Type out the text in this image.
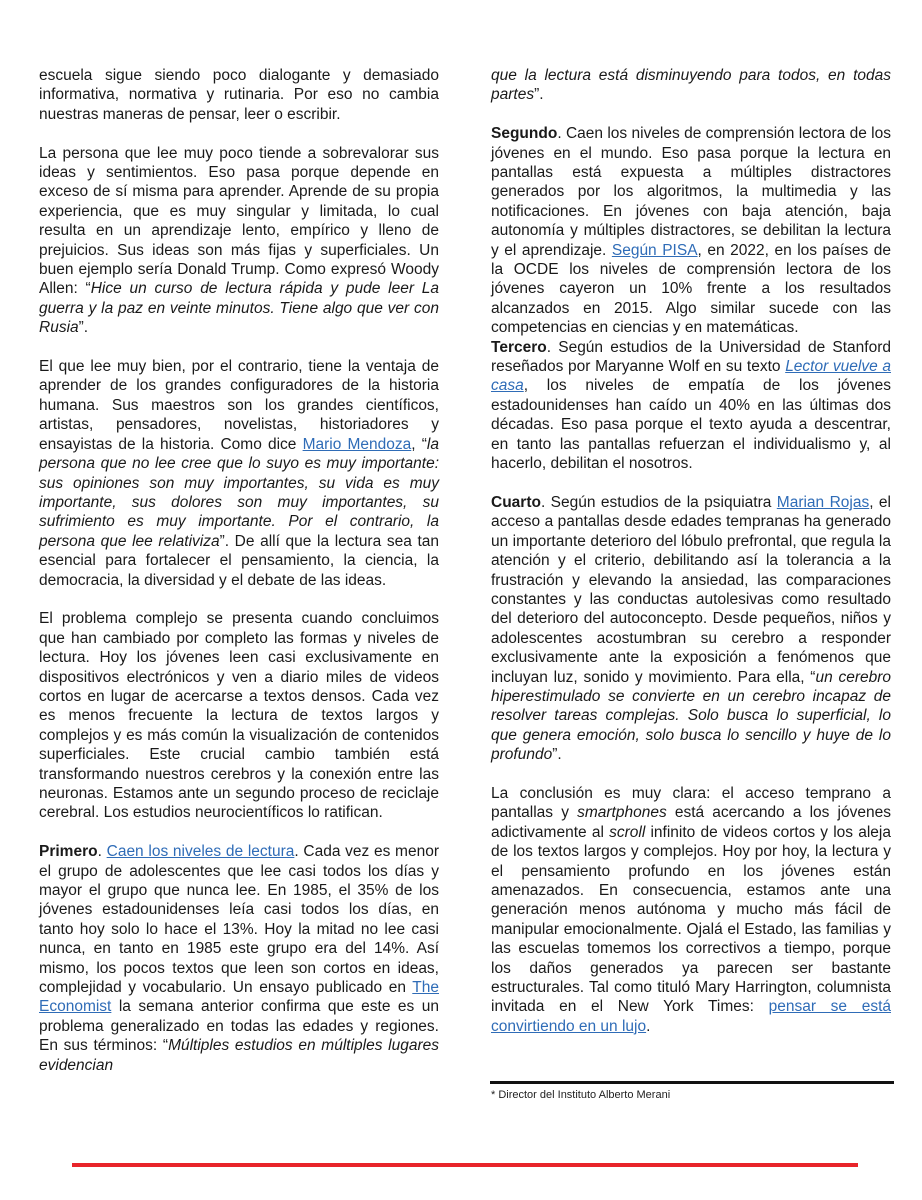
escuela sigue siendo poco dialogante y demasiado informativa, normativa y rutinaria. Por eso no cambia nuestras maneras de pensar, leer o escribir.

La persona que lee muy poco tiende a sobrevalorar sus ideas y sentimientos. Eso pasa porque depende en exceso de sí misma para aprender. Aprende de su propia experiencia, que es muy singular y limitada, lo cual resulta en un aprendizaje lento, empírico y lleno de prejuicios. Sus ideas son más fijas y superficiales. Un buen ejemplo sería Donald Trump. Como expresó Woody Allen: “Hice un curso de lectura rápida y pude leer La guerra y la paz en veinte minutos. Tiene algo que ver con Rusia”.

El que lee muy bien, por el contrario, tiene la ventaja de aprender de los grandes configuradores de la historia humana. Sus maestros son los grandes científicos, artistas, pensadores, novelistas, historiadores y ensayistas de la historia. Como dice Mario Mendoza, “la persona que no lee cree que lo suyo es muy importante: sus opiniones son muy importantes, su vida es muy importante, sus dolores son muy importantes, su sufrimiento es muy importante. Por el contrario, la persona que lee relativiza”. De allí que la lectura sea tan esencial para fortalecer el pensamiento, la ciencia, la democracia, la diversidad y el debate de las ideas.

El problema complejo se presenta cuando concluimos que han cambiado por completo las formas y niveles de lectura. Hoy los jóvenes leen casi exclusivamente en dispositivos electrónicos y ven a diario miles de videos cortos en lugar de acercarse a textos densos. Cada vez es menos frecuente la lectura de textos largos y complejos y es más común la visualización de contenidos superficiales. Este crucial cambio también está transformando nuestros cerebros y la conexión entre las neuronas. Estamos ante un segundo proceso de reciclaje cerebral. Los estudios neurocientíficos lo ratifican.

Primero. Caen los niveles de lectura. Cada vez es menor el grupo de adolescentes que lee casi todos los días y mayor el grupo que nunca lee. En 1985, el 35% de los jóvenes estadounidenses leía casi todos los días, en tanto hoy solo lo hace el 13%. Hoy la mitad no lee casi nunca, en tanto en 1985 este grupo era del 14%. Así mismo, los pocos textos que leen son cortos en ideas, complejidad y vocabulario. Un ensayo publicado en The Economist la semana anterior confirma que este es un problema generalizado en todas las edades y regiones. En sus términos: “Múltiples estudios en múltiples lugares evidencian

que la lectura está disminuyendo para todos, en todas partes”.

Segundo. Caen los niveles de comprensión lectora de los jóvenes en el mundo. Eso pasa porque la lectura en pantallas está expuesta a múltiples distractores generados por los algoritmos, la multimedia y las notificaciones. En jóvenes con baja atención, baja autonomía y múltiples distractores, se debilitan la lectura y el aprendizaje. Según PISA, en 2022, en los países de la OCDE los niveles de comprensión lectora de los jóvenes cayeron un 10% frente a los resultados alcanzados en 2015. Algo similar sucede con las competencias en ciencias y en matemáticas.

Tercero. Según estudios de la Universidad de Stanford reseñados por Maryanne Wolf en su texto Lector vuelve a casa, los niveles de empatía de los jóvenes estadounidenses han caído un 40% en las últimas dos décadas. Eso pasa porque el texto ayuda a descentrar, en tanto las pantallas refuerzan el individualismo y, al hacerlo, debilitan el nosotros.

Cuarto. Según estudios de la psiquiatra Marian Rojas, el acceso a pantallas desde edades tempranas ha generado un importante deterioro del lóbulo prefrontal, que regula la atención y el criterio, debilitando así la tolerancia a la frustración y elevando la ansiedad, las comparaciones constantes y las conductas autolesivas como resultado del deterioro del autoconcepto. Desde pequeños, niños y adolescentes acostumbran su cerebro a responder exclusivamente ante la exposición a fenómenos que incluyan luz, sonido y movimiento. Para ella, “un cerebro hiperestimulado se convierte en un cerebro incapaz de resolver tareas complejas. Solo busca lo superficial, lo que genera emoción, solo busca lo sencillo y huye de lo profundo”.

La conclusión es muy clara: el acceso temprano a pantallas y smartphones está acercando a los jóvenes adictivamente al scroll infinito de videos cortos y los aleja de los textos largos y complejos. Hoy por hoy, la lectura y el pensamiento profundo en los jóvenes están amenazados. En consecuencia, estamos ante una generación menos autónoma y mucho más fácil de manipular emocionalmente. Ojalá el Estado, las familias y las escuelas tomemos los correctivos a tiempo, porque los daños generados ya parecen ser bastante estructurales. Tal como tituló Mary Harrington, columnista invitada en el New York Times: pensar se está convirtiendo en un lujo.

* Director del Instituto Alberto Merani
